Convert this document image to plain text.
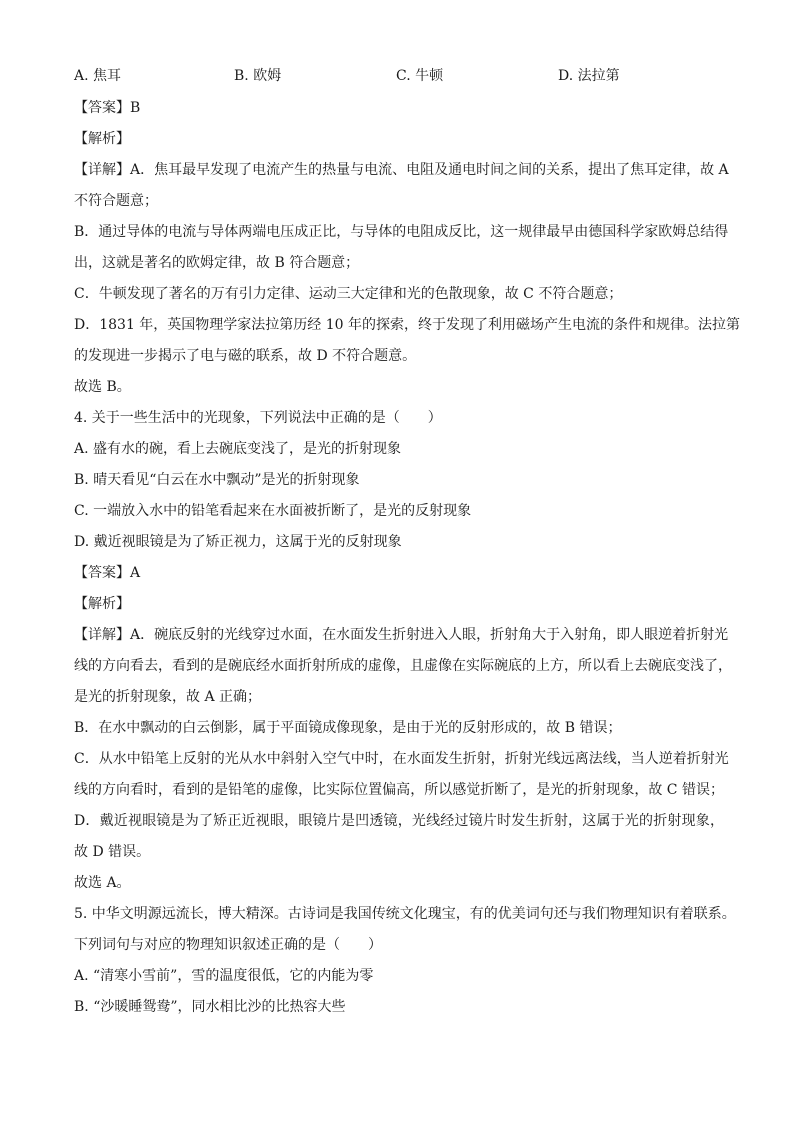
A. 焦耳	B. 欧姆	C. 牛顿	D. 法拉第
【答案】B
【解析】
【详解】A．焦耳最早发现了电流产生的热量与电流、电阻及通电时间之间的关系，提出了焦耳定律，故 A
不符合题意；
B．通过导体的电流与导体两端电压成正比，与导体的电阻成反比，这一规律最早由德国科学家欧姆总结得
出，这就是著名的欧姆定律，故 B 符合题意；
C．牛顿发现了著名的万有引力定律、运动三大定律和光的色散现象，故 C 不符合题意；
D．1831 年，英国物理学家法拉第历经 10 年的探索，终于发现了利用磁场产生电流的条件和规律。法拉第
的发现进一步揭示了电与磁的联系，故 D 不符合题意。
故选 B。
4. 关于一些生活中的光现象，下列说法中正确的是（　　）
A. 盛有水的碗，看上去碗底变浅了，是光的折射现象
B. 晴天看见“白云在水中飘动”是光的折射现象
C. 一端放入水中的铅笔看起来在水面被折断了，是光的反射现象
D. 戴近视眼镜是为了矫正视力，这属于光的反射现象
【答案】A
【解析】
【详解】A．碗底反射的光线穿过水面，在水面发生折射进入人眼，折射角大于入射角，即人眼逆着折射光
线的方向看去，看到的是碗底经水面折射所成的虚像，且虚像在实际碗底的上方，所以看上去碗底变浅了，
是光的折射现象，故 A 正确；
B．在水中飘动的白云倒影，属于平面镜成像现象，是由于光的反射形成的，故 B 错误；
C．从水中铅笔上反射的光从水中斜射入空气中时，在水面发生折射，折射光线远离法线，当人逆着折射光
线的方向看时，看到的是铅笔的虚像，比实际位置偏高，所以感觉折断了，是光的折射现象，故 C 错误；
D．戴近视眼镜是为了矫正近视眼，眼镜片是凹透镜，光线经过镜片时发生折射，这属于光的折射现象，
故 D 错误。
故选 A。
5. 中华文明源远流长，博大精深。古诗词是我国传统文化瑰宝，有的优美词句还与我们物理知识有着联系。
下列词句与对应的物理知识叙述正确的是（　　）
A. “清寒小雪前”，雪的温度很低，它的内能为零
B. “沙暖睡鸳鸯”，同水相比沙的比热容大些
